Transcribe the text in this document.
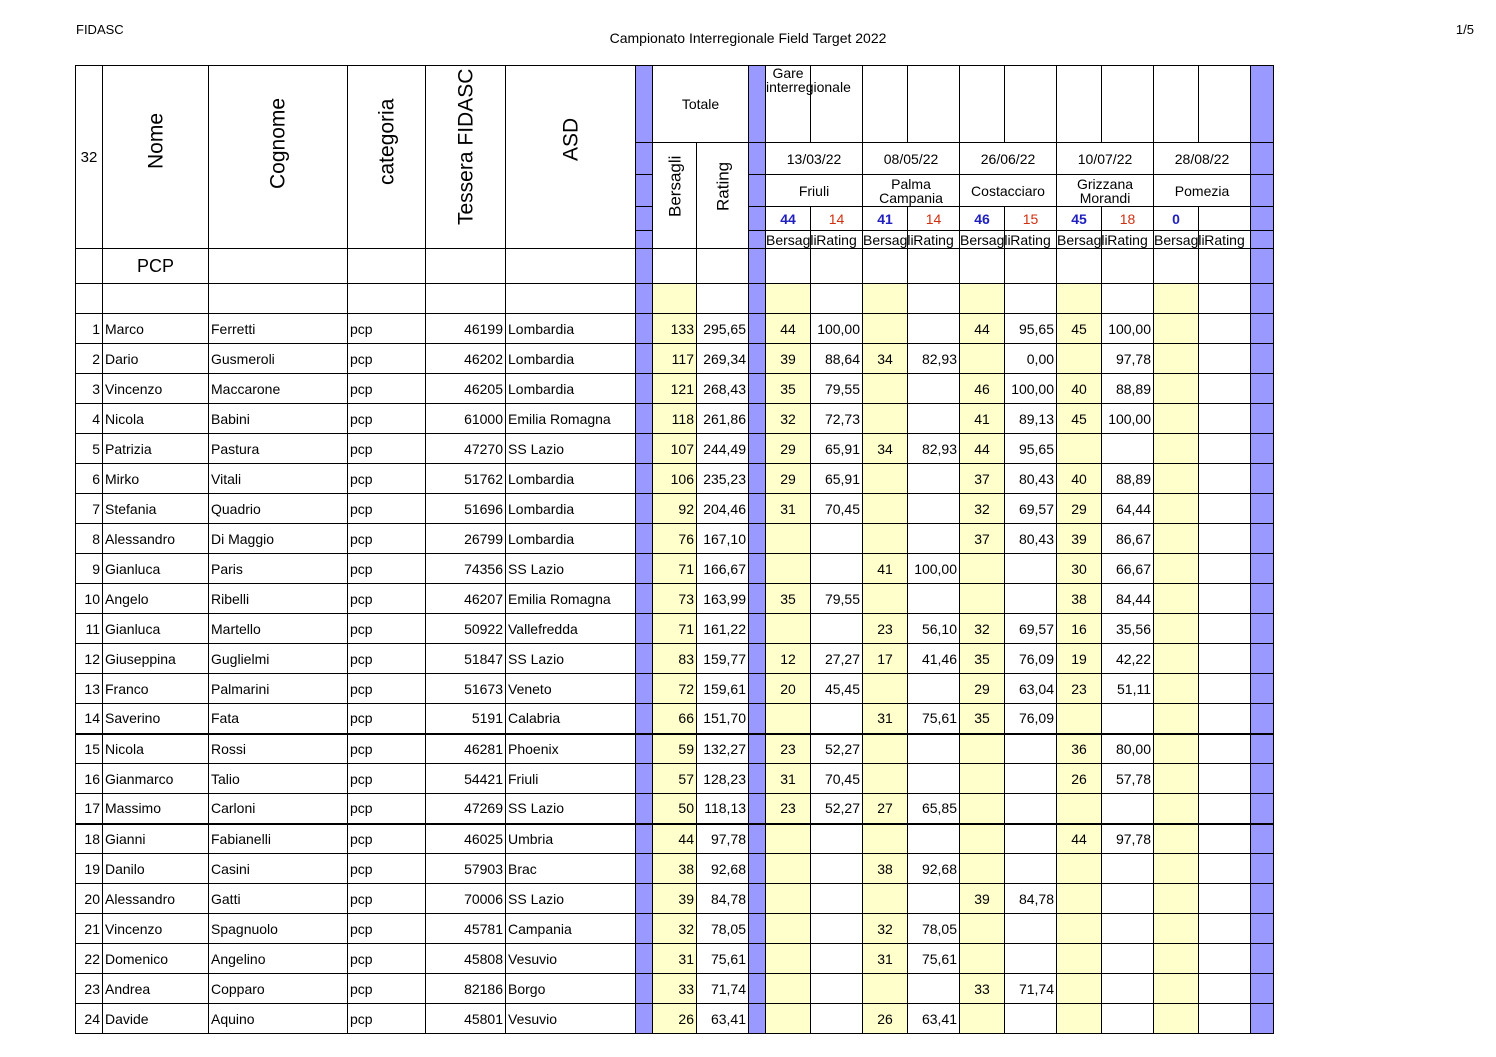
FIDASC
Campionato Interregionale Field Target 2022
1/5
32	Nome	Cognome	categoria	Tessera FIDASC	ASD		Totale			Gare interregionale										

							Bersagli	Rating		13/03/22		08/05/22		26/06/22		10/07/22		28/08/22		
										Friuli		Palma Campania		Costacciaro		Grizzana Morandi		Pomezia		
										44	14	41	14	46	15	45	18	0		
										Bersagli	Rating	Bersagli	Rating	Bersagli	Rating	Bersagli	Rating	Bersagli	Rating	
	PCP																			

1	Marco	Ferretti	pcp	46199	Lombardia		133	295,65		44	100,00			44	95,65	45	100,00			
2	Dario	Gusmeroli	pcp	46202	Lombardia		117	269,34		39	88,64	34	82,93		0,00		97,78			
3	Vincenzo	Maccarone	pcp	46205	Lombardia		121	268,43		35	79,55			46	100,00	40	88,89			
4	Nicola	Babini	pcp	61000	Emilia Romagna		118	261,86		32	72,73			41	89,13	45	100,00			
5	Patrizia	Pastura	pcp	47270	SS Lazio		107	244,49		29	65,91	34	82,93	44	95,65					
6	Mirko	Vitali	pcp	51762	Lombardia		106	235,23		29	65,91			37	80,43	40	88,89			
7	Stefania	Quadrio	pcp	51696	Lombardia		92	204,46		31	70,45			32	69,57	29	64,44			
8	Alessandro	Di Maggio	pcp	26799	Lombardia		76	167,10						37	80,43	39	86,67			
9	Gianluca	Paris	pcp	74356	SS Lazio		71	166,67				41	100,00			30	66,67			
10	Angelo	Ribelli	pcp	46207	Emilia Romagna		73	163,99		35	79,55					38	84,44			
11	Gianluca	Martello	pcp	50922	Vallefredda		71	161,22				23	56,10	32	69,57	16	35,56			
12	Giuseppina	Guglielmi	pcp	51847	SS Lazio		83	159,77		12	27,27	17	41,46	35	76,09	19	42,22			
13	Franco	Palmarini	pcp	51673	Veneto		72	159,61		20	45,45			29	63,04	23	51,11			
14	Saverino	Fata	pcp	5191	Calabria		66	151,70				31	75,61	35	76,09					
15	Nicola	Rossi	pcp	46281	Phoenix		59	132,27		23	52,27					36	80,00			
16	Gianmarco	Talio	pcp	54421	Friuli		57	128,23		31	70,45					26	57,78			
17	Massimo	Carloni	pcp	47269	SS Lazio		50	118,13		23	52,27	27	65,85							
18	Gianni	Fabianelli	pcp	46025	Umbria		44	97,78								44	97,78			
19	Danilo	Casini	pcp	57903	Brac		38	92,68				38	92,68							
20	Alessandro	Gatti	pcp	70006	SS Lazio		39	84,78						39	84,78					
21	Vincenzo	Spagnuolo	pcp	45781	Campania		32	78,05				32	78,05							
22	Domenico	Angelino	pcp	45808	Vesuvio		31	75,61				31	75,61							
23	Andrea	Copparo	pcp	82186	Borgo		33	71,74						33	71,74					
24	Davide	Aquino	pcp	45801	Vesuvio		26	63,41				26	63,41							
